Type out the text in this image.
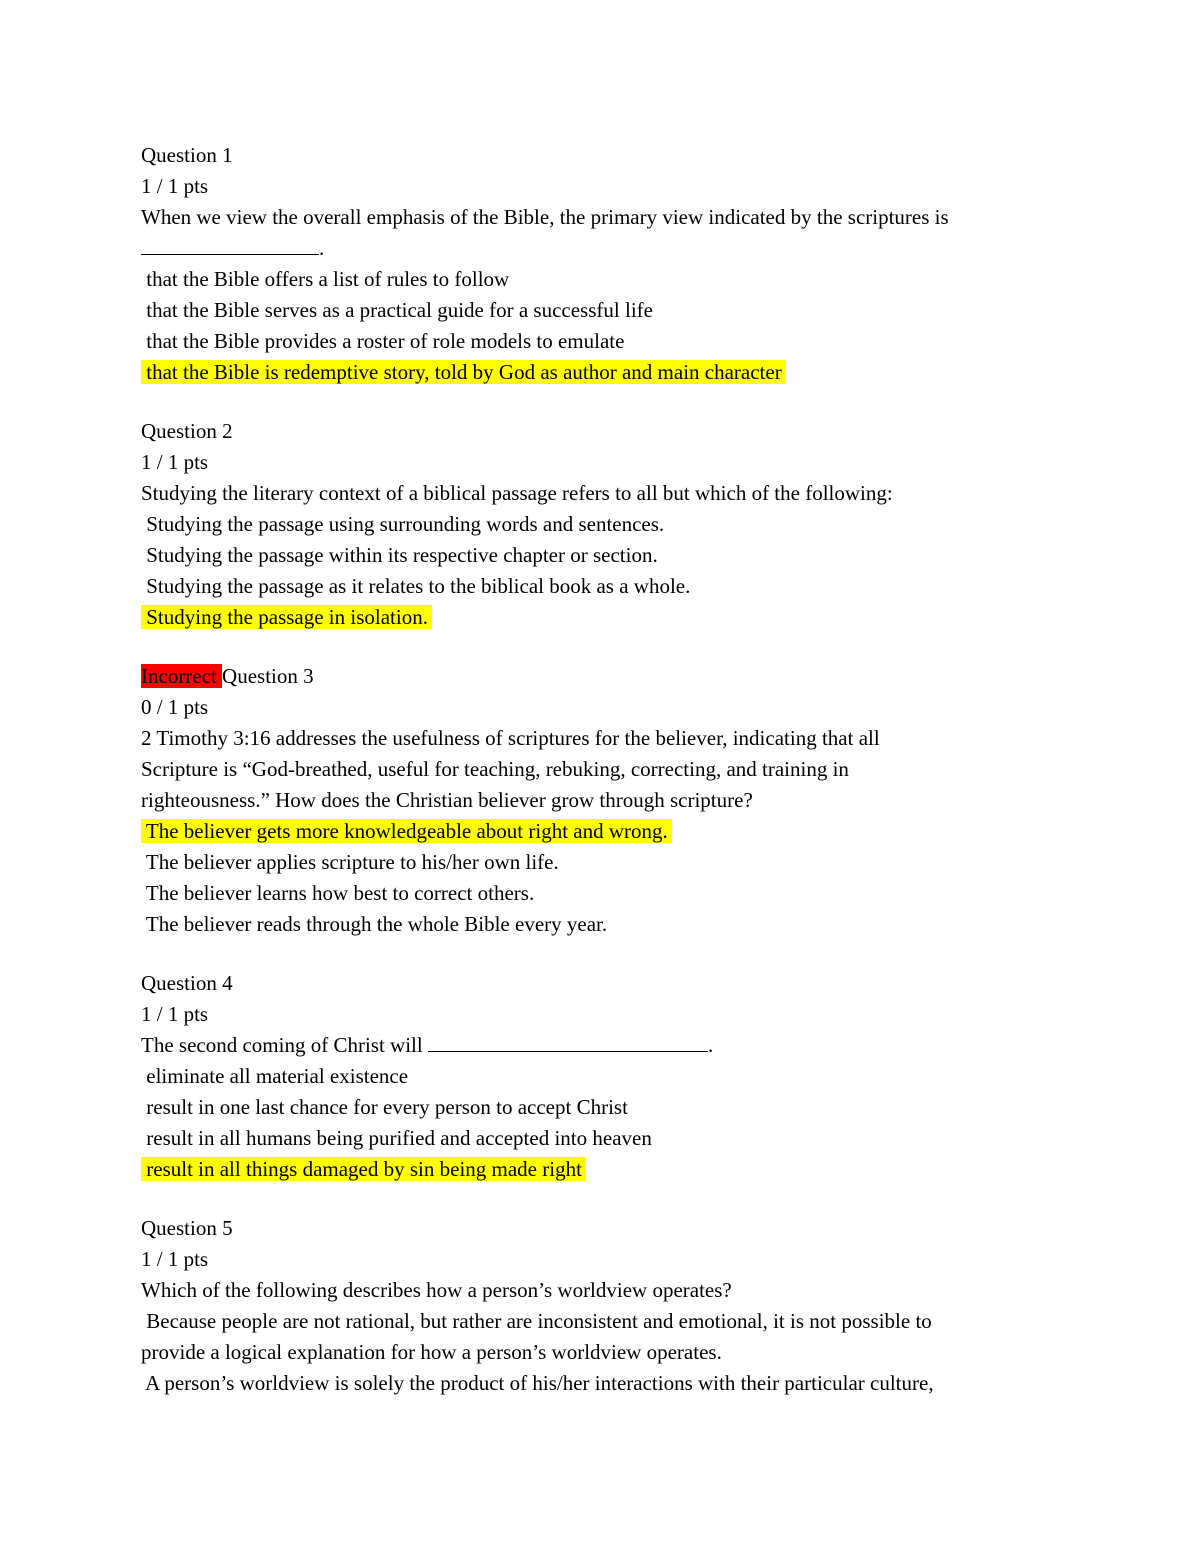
Question 1
1 / 1 pts
When we view the overall emphasis of the Bible, the primary view indicated by the scriptures is
.
that the Bible offers a list of rules to follow
that the Bible serves as a practical guide for a successful life
that the Bible provides a roster of role models to emulate
that the Bible is redemptive story, told by God as author and main character
Question 2
1 / 1 pts
Studying the literary context of a biblical passage refers to all but which of the following:
Studying the passage using surrounding words and sentences.
Studying the passage within its respective chapter or section.
Studying the passage as it relates to the biblical book as a whole.
Studying the passage in isolation.
Incorrect Question 3
0 / 1 pts
2 Timothy 3:16 addresses the usefulness of scriptures for the believer, indicating that all
Scripture is “God-breathed, useful for teaching, rebuking, correcting, and training in
righteousness.” How does the Christian believer grow through scripture?
The believer gets more knowledgeable about right and wrong.
The believer applies scripture to his/her own life.
The believer learns how best to correct others.
The believer reads through the whole Bible every year.
Question 4
1 / 1 pts
The second coming of Christ will	.
eliminate all material existence
result in one last chance for every person to accept Christ
result in all humans being purified and accepted into heaven
result in all things damaged by sin being made right
Question 5
1 / 1 pts
Which of the following describes how a person’s worldview operates?
Because people are not rational, but rather are inconsistent and emotional, it is not possible to
provide a logical explanation for how a person’s worldview operates.
A person’s worldview is solely the product of his/her interactions with their particular culture,
